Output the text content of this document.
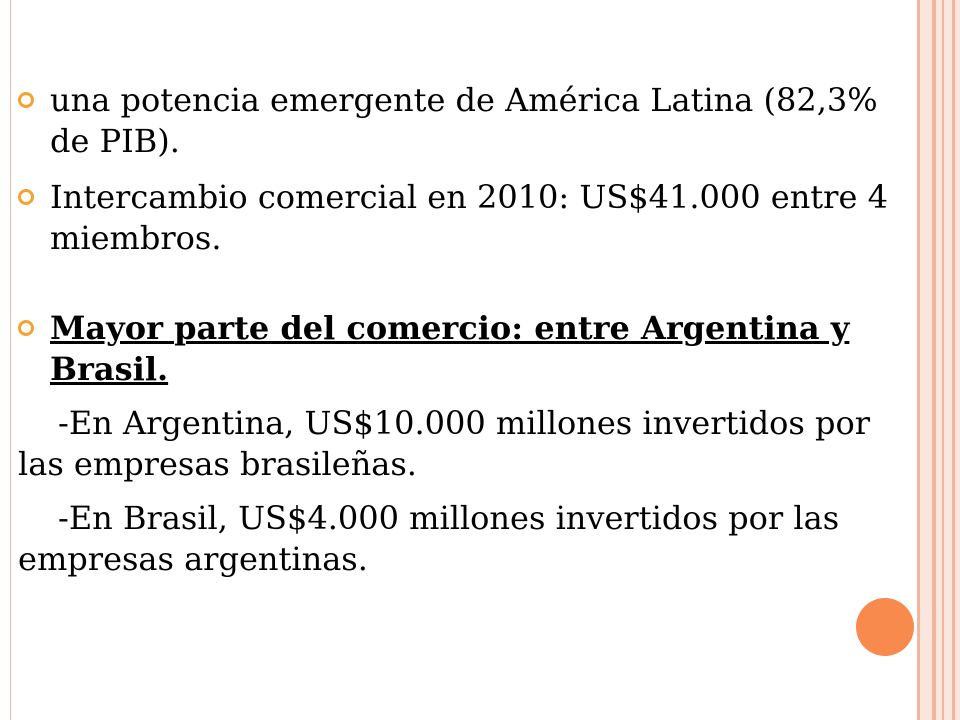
una potencia emergente de América Latina (82,3% de PIB).
Intercambio comercial en 2010: US$41.000 entre 4 miembros.
Mayor parte del comercio: entre Argentina y Brasil.

-En Argentina, US$10.000 millones invertidos por las empresas brasileñas.

-En Brasil, US$4.000 millones invertidos por las empresas argentinas.
